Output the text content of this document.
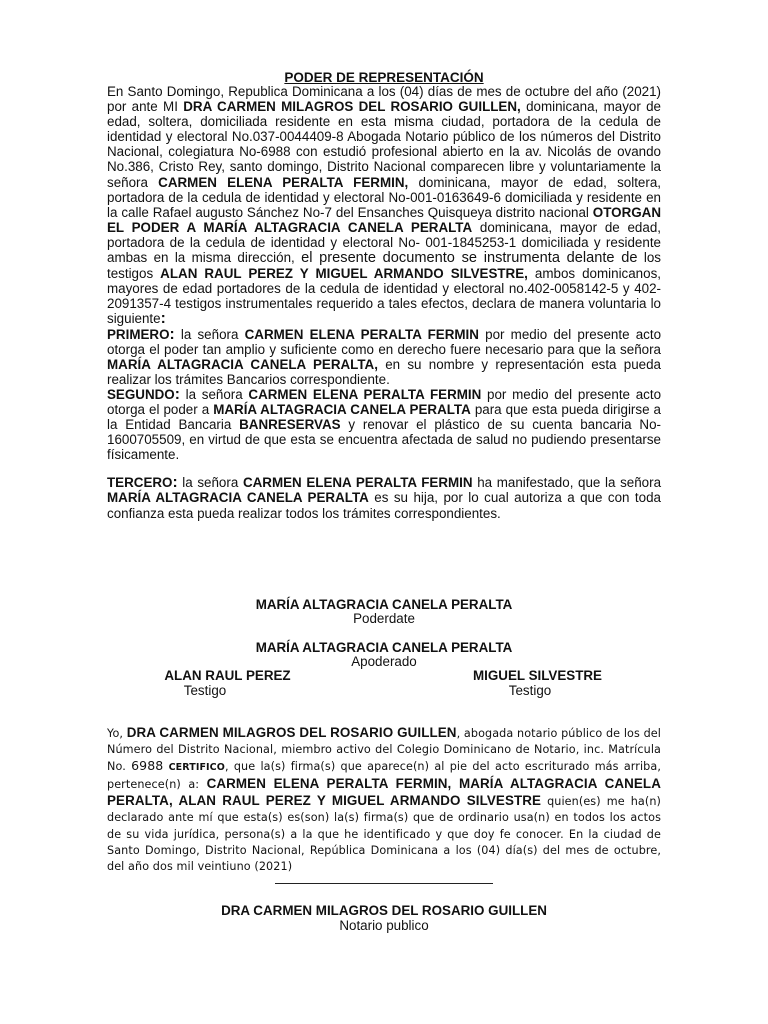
PODER DE REPRESENTACIÓN

En Santo Domingo, Republica Dominicana a los (04) días de mes de octubre del año (2021) por ante MI DRA CARMEN MILAGROS DEL ROSARIO GUILLEN, dominicana, mayor de edad, soltera, domiciliada residente en esta misma ciudad, portadora de la cedula de identidad y electoral No.037-0044409-8 Abogada Notario público de los números del Distrito Nacional, colegiatura No-6988 con estudió profesional abierto en la av. Nicolás de ovando No.386, Cristo Rey, santo domingo, Distrito Nacional comparecen libre y voluntariamente la señora CARMEN ELENA PERALTA FERMIN, dominicana, mayor de edad, soltera, portadora de la cedula de identidad y electoral No-001-0163649-6 domiciliada y residente en la calle Rafael augusto Sánchez No-7 del Ensanches Quisqueya distrito nacional OTORGAN EL PODER A MARÍA ALTAGRACIA CANELA PERALTA dominicana, mayor de edad, portadora de la cedula de identidad y electoral No- 001-1845253-1 domiciliada y residente ambas en la misma dirección, el presente documento se instrumenta delante de los testigos ALAN RAUL PEREZ Y MIGUEL ARMANDO SILVESTRE, ambos dominicanos, mayores de edad portadores de la cedula de identidad y electoral no.402-0058142-5 y 402-2091357-4 testigos instrumentales requerido a tales efectos, declara de manera voluntaria lo siguiente:

PRIMERO: la señora CARMEN ELENA PERALTA FERMIN por medio del presente acto otorga el poder tan amplio y suficiente como en derecho fuere necesario para que la señora MARÍA ALTAGRACIA CANELA PERALTA, en su nombre y representación esta pueda realizar los trámites Bancarios correspondiente.

SEGUNDO: la señora CARMEN ELENA PERALTA FERMIN por medio del presente acto otorga el poder a MARÍA ALTAGRACIA CANELA PERALTA para que esta pueda dirigirse a la Entidad Bancaria BANRESERVAS y renovar el plástico de su cuenta bancaria No- 1600705509, en virtud de que esta se encuentra afectada de salud no pudiendo presentarse físicamente.

TERCERO: la señora CARMEN ELENA PERALTA FERMIN ha manifestado, que la señora MARÍA ALTAGRACIA CANELA PERALTA es su hija, por lo cual autoriza a que con toda confianza esta pueda realizar todos los trámites correspondientes.

MARÍA ALTAGRACIA CANELA PERALTA
Poderdate
MARÍA ALTAGRACIA CANELA PERALTA
Apoderado
ALAN RAUL PEREZ
Testigo
MIGUEL SILVESTRE
Testigo
Yo, DRA CARMEN MILAGROS DEL ROSARIO GUILLEN, abogada notario público de los del Número del Distrito Nacional, miembro activo del Colegio Dominicano de Notario, inc. Matrícula No. 6988 CERTIFICO, que la(s) firma(s) que aparece(n) al pie del acto escriturado más arriba, pertenece(n) a: CARMEN ELENA PERALTA FERMIN, MARÍA ALTAGRACIA CANELA PERALTA, ALAN RAUL PEREZ Y MIGUEL ARMANDO SILVESTRE quien(es) me ha(n) declarado ante mí que esta(s) es(son) la(s) firma(s) que de ordinario usa(n) en todos los actos de su vida jurídica, persona(s) a la que he identificado y que doy fe conocer. En la ciudad de Santo Domingo, Distrito Nacional, República Dominicana a los (04) día(s) del mes de octubre, del año dos mil veintiuno (2021)
DRA CARMEN MILAGROS DEL ROSARIO GUILLEN
Notario publico
